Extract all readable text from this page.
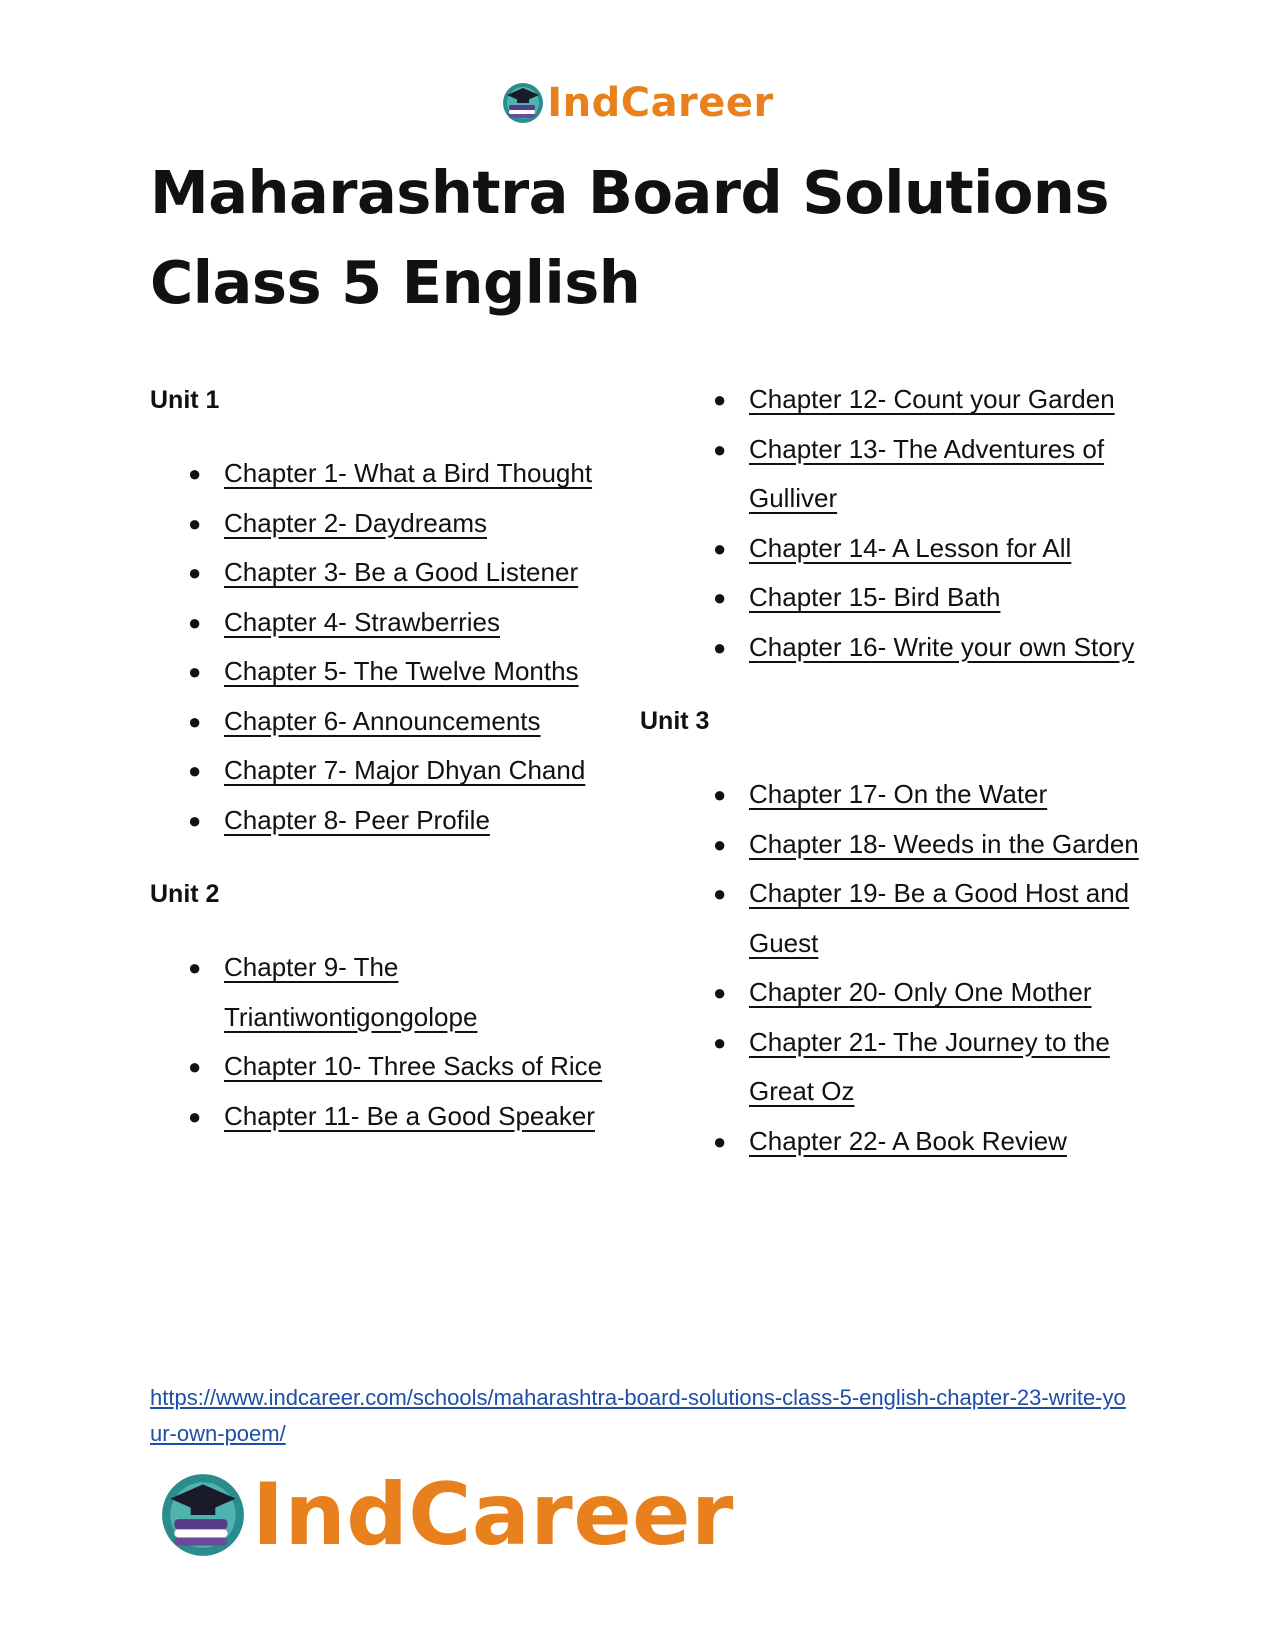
IndCareer
Maharashtra Board Solutions Class 5 English

Unit 1

● Chapter 1- What a Bird Thought
● Chapter 2- Daydreams
● Chapter 3- Be a Good Listener
● Chapter 4- Strawberries
● Chapter 5- The Twelve Months
● Chapter 6- Announcements
● Chapter 7- Major Dhyan Chand
● Chapter 8- Peer Profile

Unit 2

● Chapter 9- The Triantiwontigongolope
● Chapter 10- Three Sacks of Rice
● Chapter 11- Be a Good Speaker
● Chapter 12- Count your Garden
● Chapter 13- The Adventures of Gulliver
● Chapter 14- A Lesson for All
● Chapter 15- Bird Bath
● Chapter 16- Write your own Story

Unit 3

● Chapter 17- On the Water
● Chapter 18- Weeds in the Garden
● Chapter 19- Be a Good Host and Guest
● Chapter 20- Only One Mother
● Chapter 21- The Journey to the Great Oz
● Chapter 22- A Book Review
https://www.indcareer.com/schools/maharashtra-board-solutions-class-5-english-chapter-23-write-your-own-poem/
IndCareer
